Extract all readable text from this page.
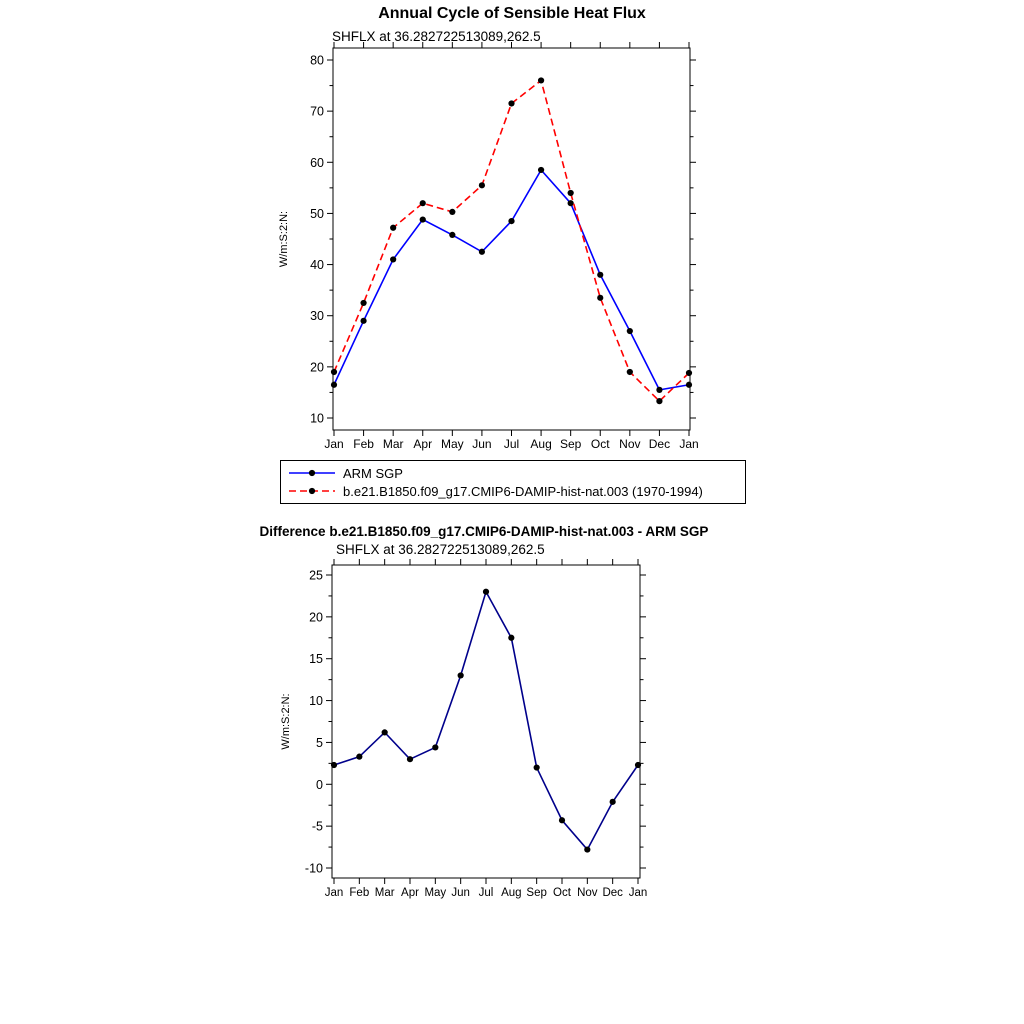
Annual Cycle of Sensible Heat Flux
SHFLX at 36.282722513089,262.5
10
20
30
40
50
60
70
80
Jan Feb Mar Apr May Jun Jul Aug Sep Oct Nov Dec Jan
W/m:S:2:N:
ARM SGP
b.e21.B1850.f09_g17.CMIP6-DAMIP-hist-nat.003 (1970-1994)
Difference b.e21.B1850.f09_g17.CMIP6-DAMIP-hist-nat.003 - ARM SGP
SHFLX at 36.282722513089,262.5
-10
-5
0
5
10
15
20
25
Jan Feb Mar Apr May Jun Jul Aug Sep Oct Nov Dec Jan
W/m:S:2:N:
